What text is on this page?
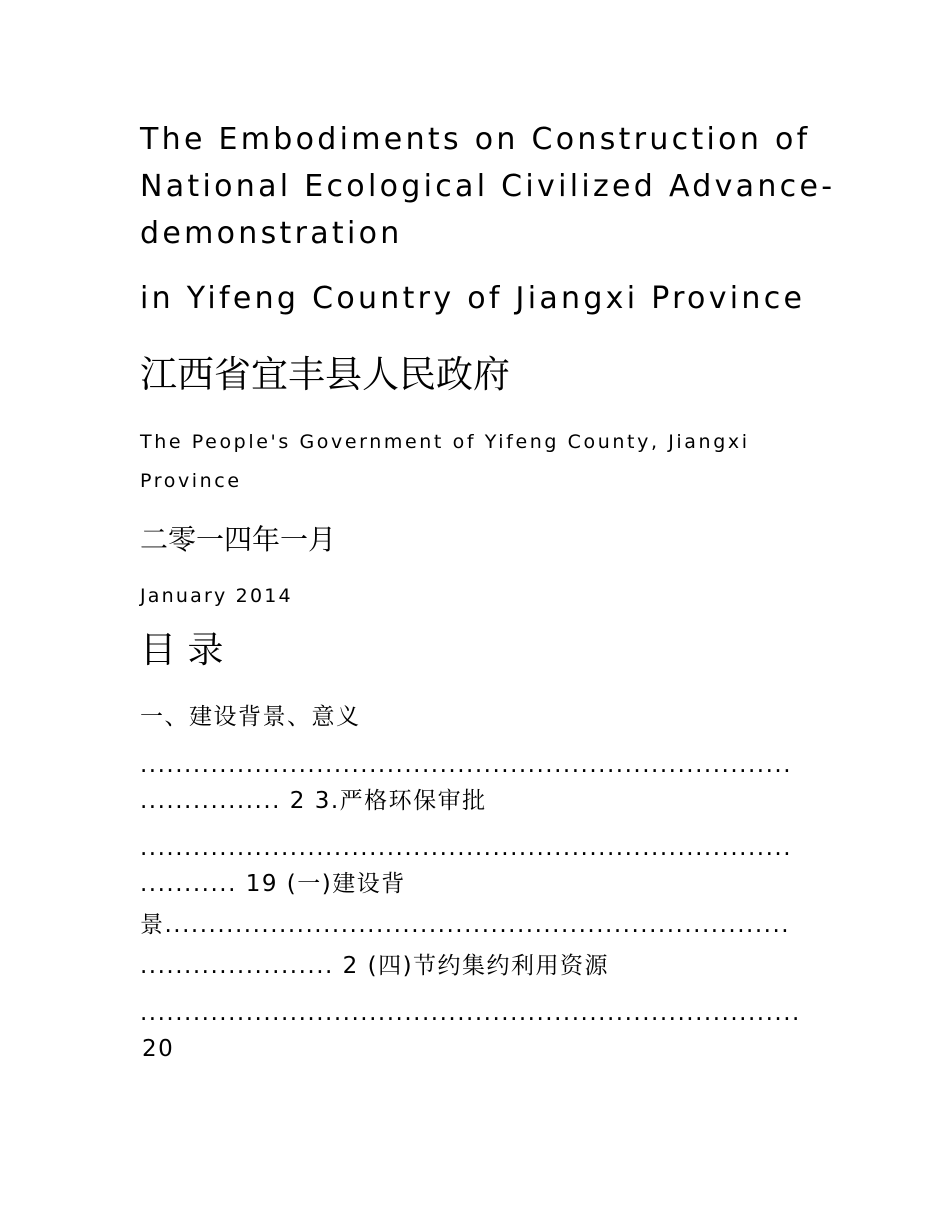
The Embodiments on Construction of
National Ecological Civilized Advance-
demonstration
in Yifeng Country of Jiangxi Province
江西省宜丰县人民政府
The People's Government of Yifeng County, Jiangxi
Province
二零一四年一月
January 2014
目 录
一、建设背景、意义
..........................................................................
................ 2 3.严格环保审批
..........................................................................
........... 19 (一)建设背
景.......................................................................
...................... 2 (四)节约集约利用资源
...........................................................................
20
